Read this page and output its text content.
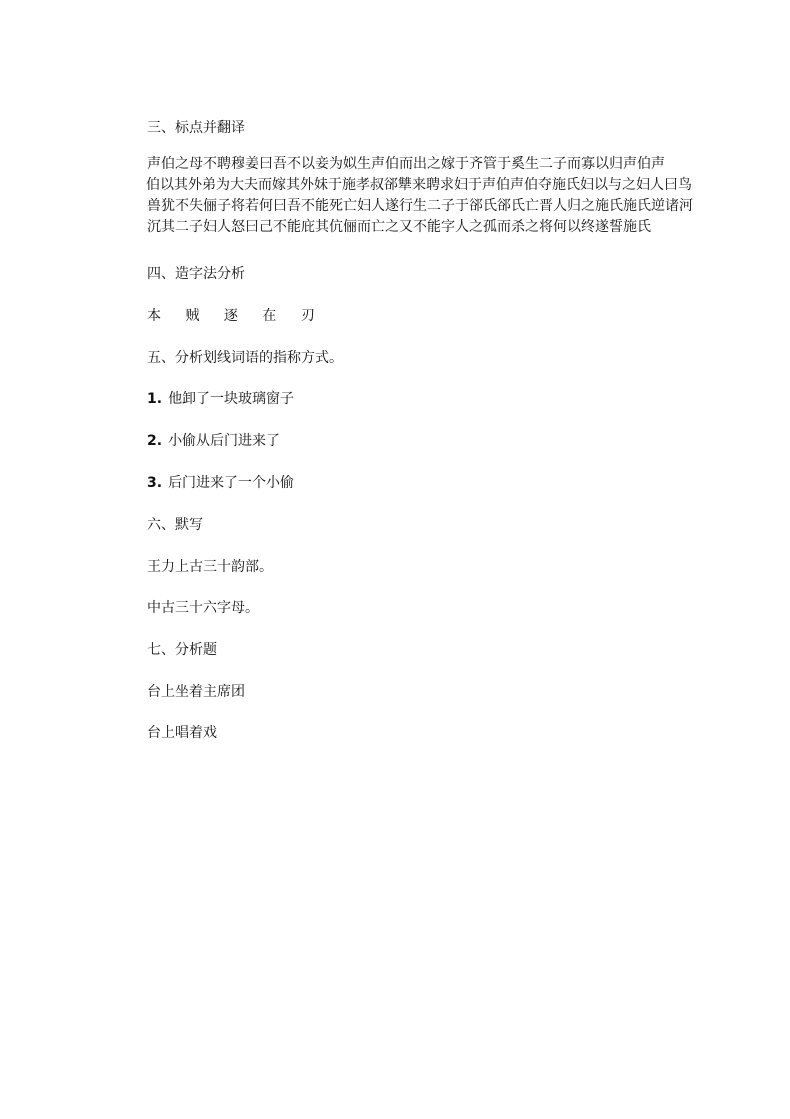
三、标点并翻译
声伯之母不聘穆姜曰吾不以妾为姒生声伯而出之嫁于齐管于奚生二子而寡以归声伯声
伯以其外弟为大夫而嫁其外妹于施孝叔郤犨来聘求妇于声伯声伯夺施氏妇以与之妇人曰鸟
兽犹不失俪子将若何曰吾不能死亡妇人遂行生二子于郤氏郤氏亡晋人归之施氏施氏逆诸河
沉其二子妇人怒曰己不能庇其伉俪而亡之又不能字人之孤而杀之将何以终遂誓施氏
四、造字法分析
本 贼 逐 在 刃
五、分析划线词语的指称方式。
1. 他卸了一块玻璃窗子
2. 小偷从后门进来了
3. 后门进来了一个小偷
六、默写
王力上古三十韵部。
中古三十六字母。
七、分析题
台上坐着主席团
台上唱着戏
